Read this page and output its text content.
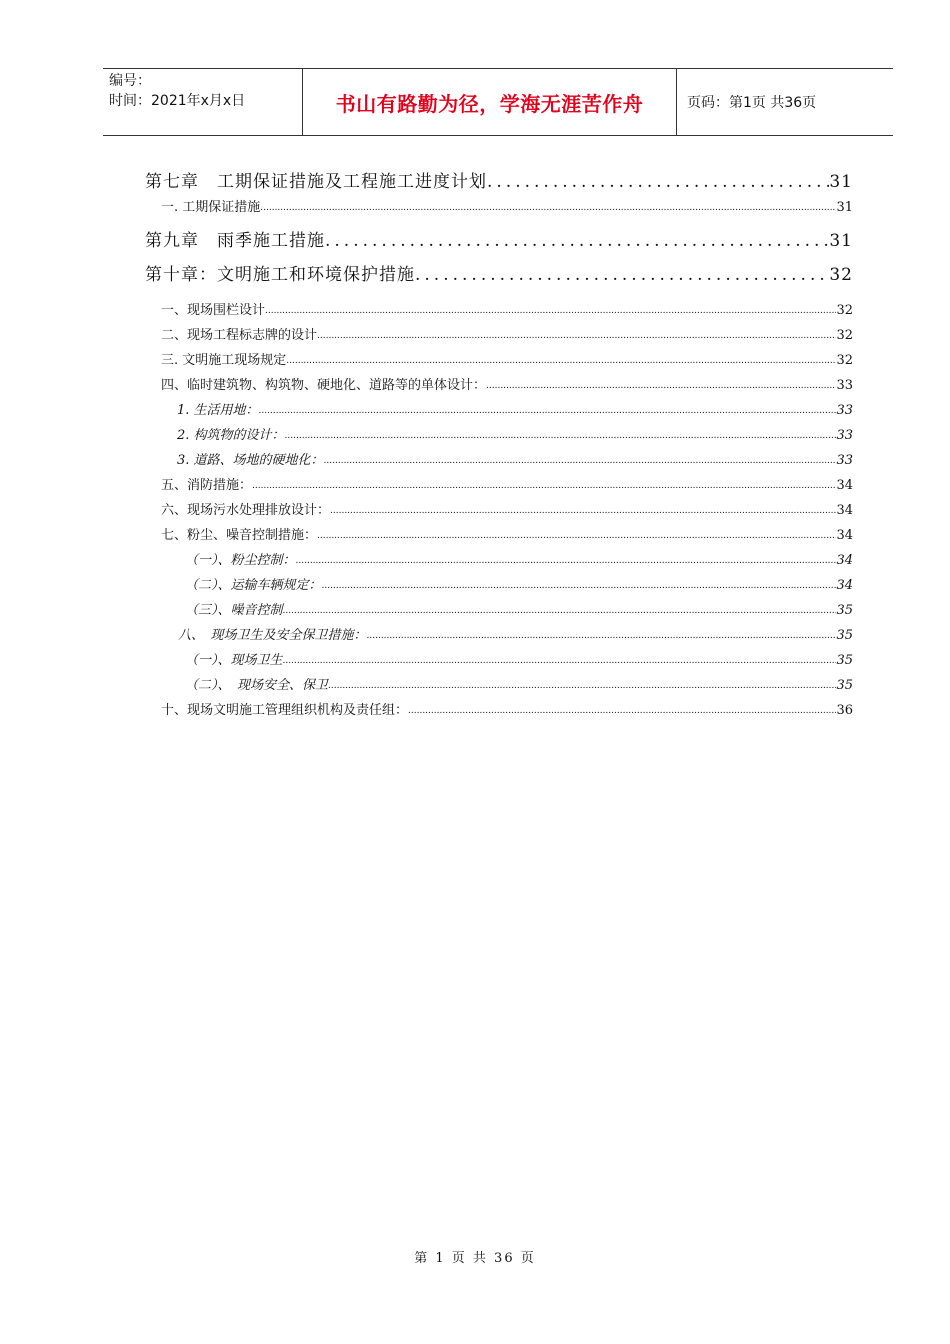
编号：
时间：2021年x月x日	书山有路勤为径，学海无涯苦作舟	页码：第1页 共36页
第七章　工期保证措施及工程施工进度计划 .....	31
一. 工期保证措施 .....	31
第九章　雨季施工措施 .....	31
第十章：文明施工和环境保护措施 .....	32
一、现场围栏设计 .....	32
二、现场工程标志牌的设计 .....	32
三. 文明施工现场规定 .....	32
四、临时建筑物、构筑物、硬地化、道路等的单体设计： .....	33
1. 生活用地： .....	33
2. 构筑物的设计： .....	33
3. 道路、场地的硬地化： .....	33
五、消防措施： .....	34
六、现场污水处理排放设计： .....	34
七、粉尘、噪音控制措施： .....	34
（一）、粉尘控制： .....	34
（二）、运输车辆规定： .....	34
（三）、噪音控制 .....	35
八、　现场卫生及安全保卫措施： .....	35
（一）、现场卫生 .....	35
（二）、　现场安全、保卫 .....	35
十、现场文明施工管理组织机构及责任组： .....	36
第 1 页 共 36 页
